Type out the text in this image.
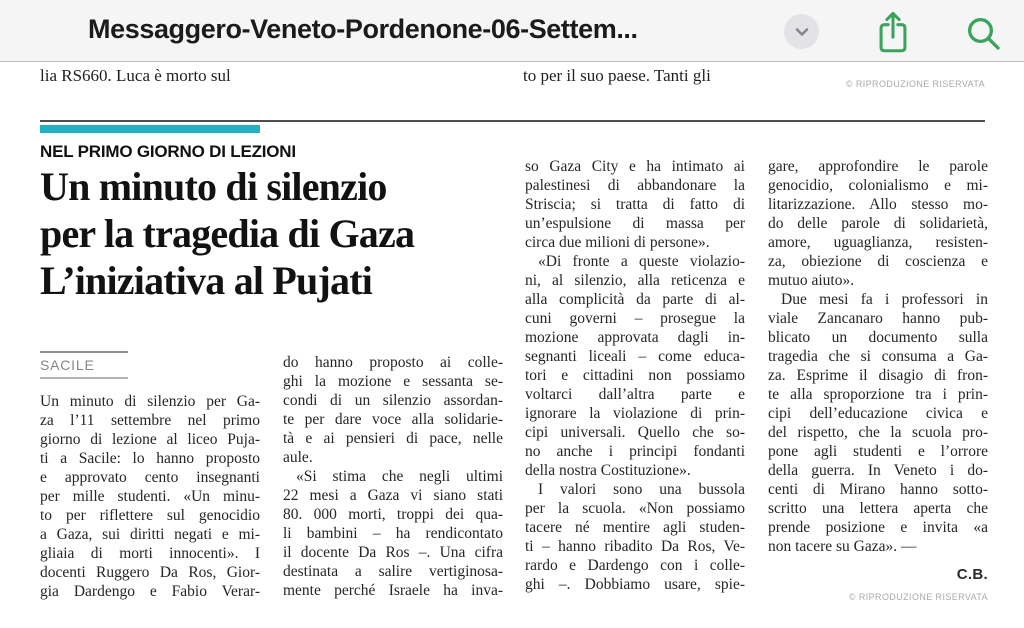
Messaggero-Veneto-Pordenone-06-Settem...
lia RS660. Luca è morto sul	to per il suo paese. Tanti gli	© RIPRODUZIONE RISERVATA
NEL PRIMO GIORNO DI LEZIONI
Un minuto di silenzio
per la tragedia di Gaza
L’iniziativa al Pujati
SACILE
Un minuto di silenzio per Ga-
za l’11 settembre nel primo
giorno di lezione al liceo Puja-
ti a Sacile: lo hanno proposto
e approvato cento insegnanti
per mille studenti. «Un minu-
to per riflettere sul genocidio
a Gaza, sui diritti negati e mi-
gliaia di morti innocenti». I
docenti Ruggero Da Ros, Gior-
gia Dardengo e Fabio Verar-
do hanno proposto ai colle-
ghi la mozione e sessanta se-
condi di un silenzio assordan-
te per dare voce alla solidarie-
tà e ai pensieri di pace, nelle
aule.
«Si stima che negli ultimi
22 mesi a Gaza vi siano stati
80. 000 morti, troppi dei qua-
li bambini – ha rendicontato
il docente Da Ros –. Una cifra
destinata a salire vertiginosa-
mente perché Israele ha inva-
so Gaza City e ha intimato ai
palestinesi di abbandonare la
Striscia; si tratta di fatto di
un’espulsione di massa per
circa due milioni di persone».
«Di fronte a queste violazio-
ni, al silenzio, alla reticenza e
alla complicità da parte di al-
cuni governi – prosegue la
mozione approvata dagli in-
segnanti liceali – come educa-
tori e cittadini non possiamo
voltarci dall’altra parte e
ignorare la violazione di prin-
cipi universali. Quello che so-
no anche i principi fondanti
della nostra Costituzione».
I valori sono una bussola
per la scuola. «Non possiamo
tacere né mentire agli studen-
ti – hanno ribadito Da Ros, Ve-
rardo e Dardengo con i colle-
ghi –. Dobbiamo usare, spie-
gare, approfondire le parole
genocidio, colonialismo e mi-
litarizzazione. Allo stesso mo-
do delle parole di solidarietà,
amore, uguaglianza, resisten-
za, obiezione di coscienza e
mutuo aiuto».
Due mesi fa i professori in
viale Zancanaro hanno pub-
blicato un documento sulla
tragedia che si consuma a Ga-
za. Esprime il disagio di fron-
te alla sproporzione tra i prin-
cipi dell’educazione civica e
del rispetto, che la scuola pro-
pone agli studenti e l’orrore
della guerra. In Veneto i do-
centi di Mirano hanno sotto-
scritto una lettera aperta che
prende posizione e invita «a
non tacere su Gaza». —
C.B.
© RIPRODUZIONE RISERVATA
